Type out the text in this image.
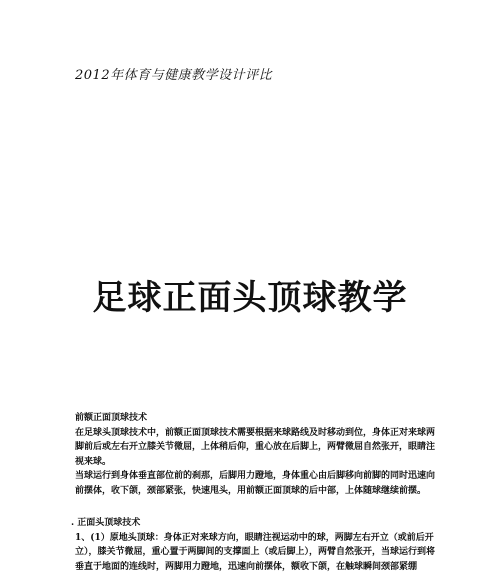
2012年体育与健康教学设计评比
足球正面头顶球教学

前额正面顶球技术

在足球头顶球技术中，前额正面顶球技术需要根据来球路线及时移动到位，身体正对来球两脚前后或左右开立膝关节微屈，上体稍后仰，重心放在后脚上，两臂微屈自然张开，眼睛注视来球。

当球运行到身体垂直部位前的刹那，后脚用力蹬地，身体重心由后脚移向前脚的同时迅速向前摆体，收下颌，颈部紧张，快速甩头，用前额正面顶球的后中部，上体随球继续前摆。

. 正面头顶球技术

1、(1）原地头顶球：身体正对来球方向，眼睛注视运动中的球，两脚左右开立（或前后开立），膝关节微屈，重心置于两脚间的支撑面上（或后脚上），两臂自然张开，当球运行到将垂直于地面的连线时，两脚用力蹬地，迅速向前摆体，额收下颌，在触球瞬间颈部紧绷
